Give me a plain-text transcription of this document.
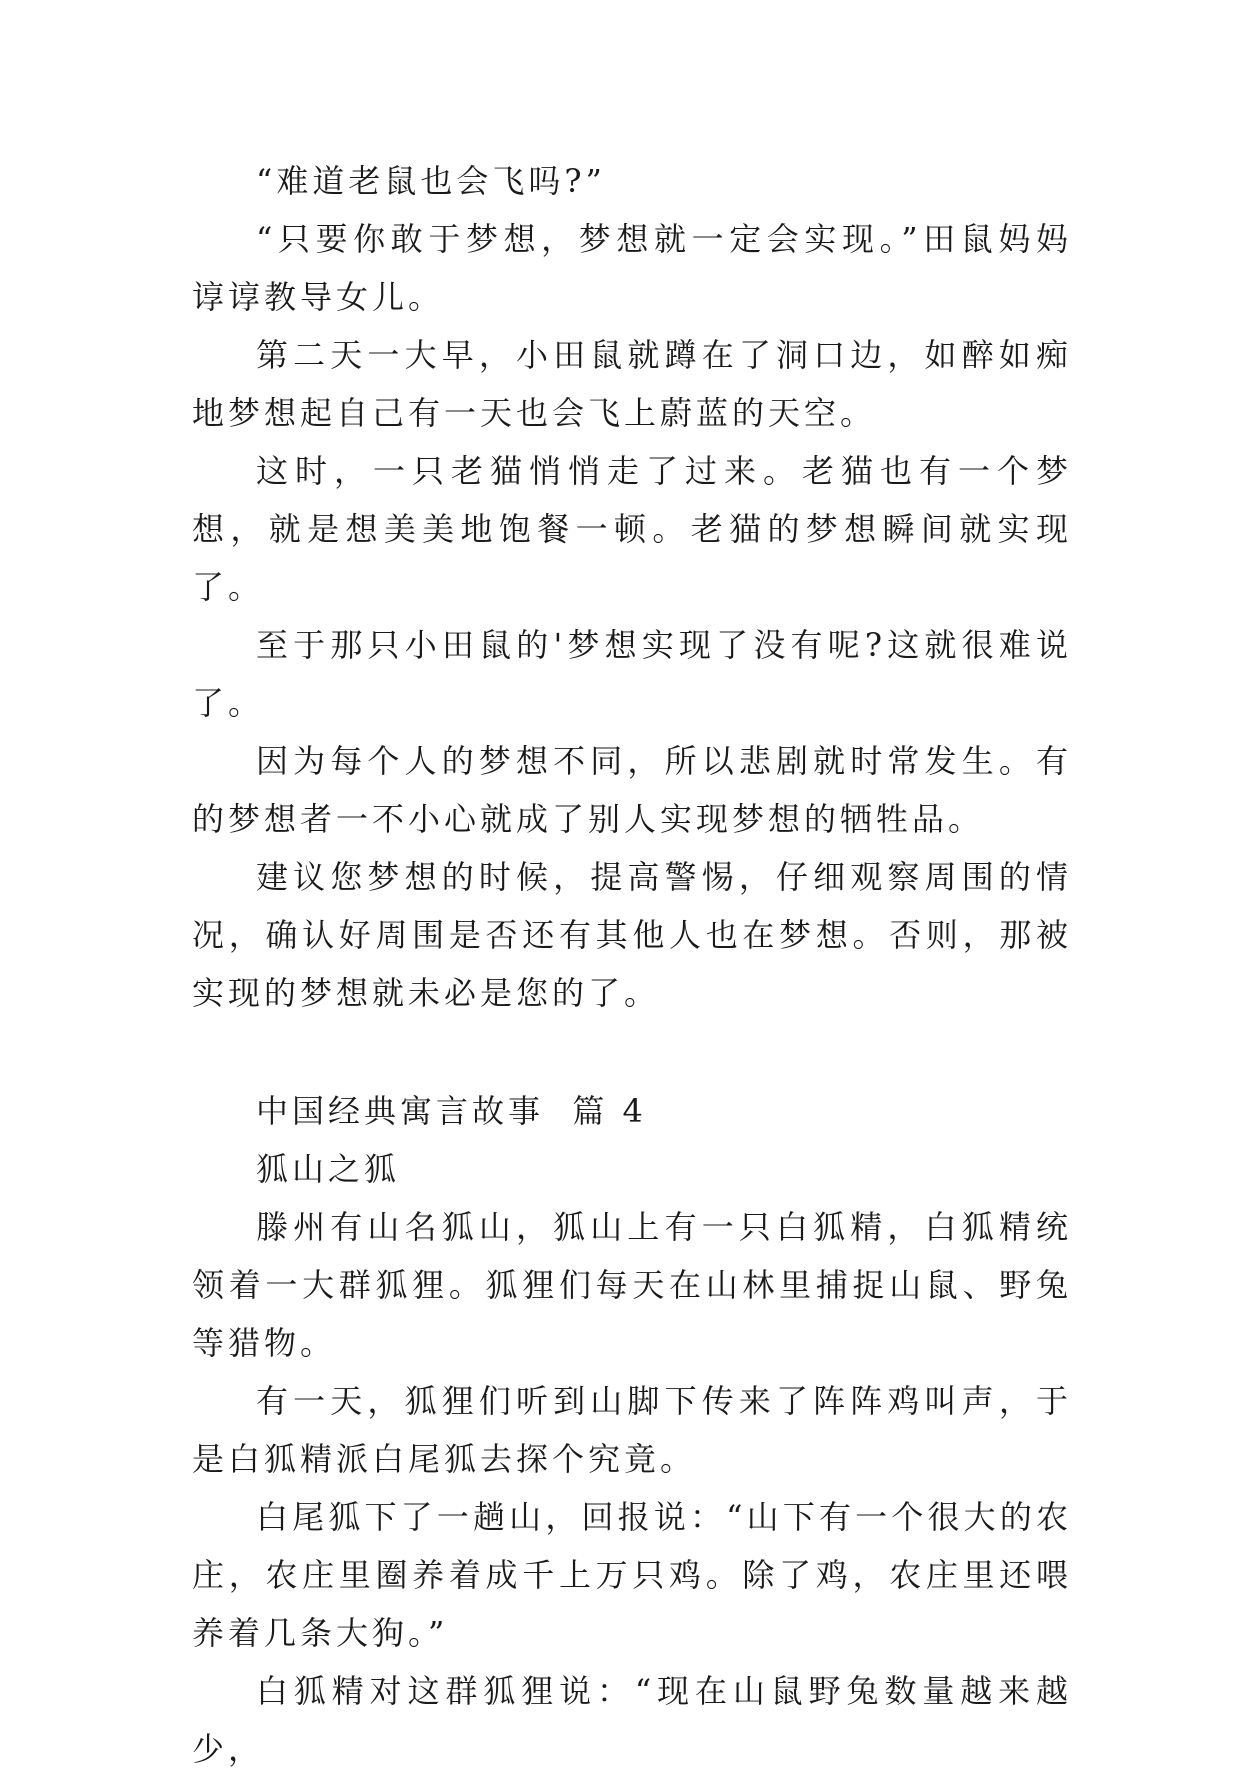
“难道老鼠也会飞吗?”

“只要你敢于梦想，梦想就一定会实现。”田鼠妈妈谆谆教导女儿。

第二天一大早，小田鼠就蹲在了洞口边，如醉如痴地梦想起自己有一天也会飞上蔚蓝的天空。

这时，一只老猫悄悄走了过来。老猫也有一个梦想，就是想美美地饱餐一顿。老猫的梦想瞬间就实现了。

至于那只小田鼠的'梦想实现了没有呢?这就很难说了。

因为每个人的梦想不同，所以悲剧就时常发生。有的梦想者一不小心就成了别人实现梦想的牺牲品。

建议您梦想的时候，提高警惕，仔细观察周围的情况，确认好周围是否还有其他人也在梦想。否则，那被实现的梦想就未必是您的了。

中国经典寓言故事  篇 4

狐山之狐

滕州有山名狐山，狐山上有一只白狐精，白狐精统领着一大群狐狸。狐狸们每天在山林里捕捉山鼠、野兔等猎物。

有一天，狐狸们听到山脚下传来了阵阵鸡叫声，于是白狐精派白尾狐去探个究竟。

白尾狐下了一趟山，回报说：“山下有一个很大的农庄，农庄里圈养着成千上万只鸡。除了鸡，农庄里还喂养着几条大狗。”

白狐精对这群狐狸说：“现在山鼠野兔数量越来越少，
